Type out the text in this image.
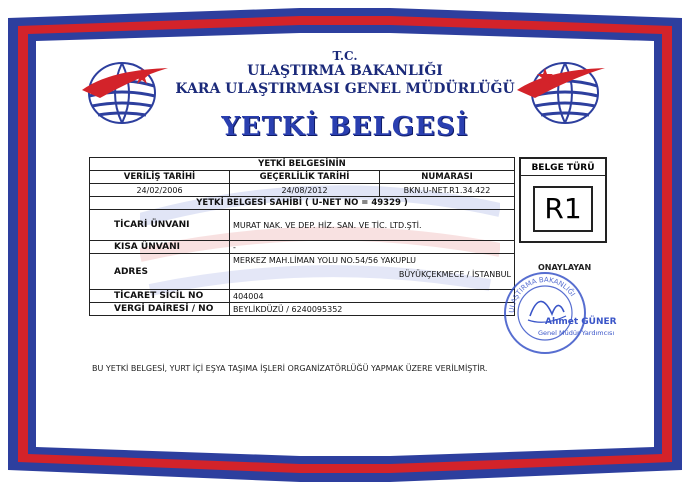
T.C.
ULAŞTIRMA BAKANLIĞI
KARA ULAŞTIRMASI GENEL MÜDÜRLÜĞÜ
YETKİ BELGESİ
YETKİ BELGESİNİN		
VERİLİŞ TARİHİ	GEÇERLİLİK TARİHİ	NUMARASI
24/02/2006	24/08/2012	BKN.U-NET.R1.34.422
YETKİ BELGESİ SAHİBİ ( U-NET NO = 49329 )		
TİCARİ ÜNVANI	MURAT NAK. VE DEP. HİZ. SAN. VE TİC. LTD.ŞTİ.	
KISA ÜNVANI	-	
ADRES	MERKEZ MAH.LİMAN YOLU NO.54/56 YAKUPLU
BÜYÜKÇEKMECE / İSTANBUL	

TİCARET SİCİL NO	404004	
VERGİ DAİRESİ / NO	BEYLİKDÜZÜ / 6240095352	
BELGE TÜRÜ
R1
ONAYLAYAN
ULAŞTIRMA BAKANLIĞI
Ahmet GÜNER
Genel Müdür Yardımcısı
BU YETKİ BELGESİ, YURT İÇİ EŞYA TAŞIMA İŞLERİ ORGANİZATÖRLÜĞÜ YAPMAK ÜZERE VERİLMİŞTİR.
